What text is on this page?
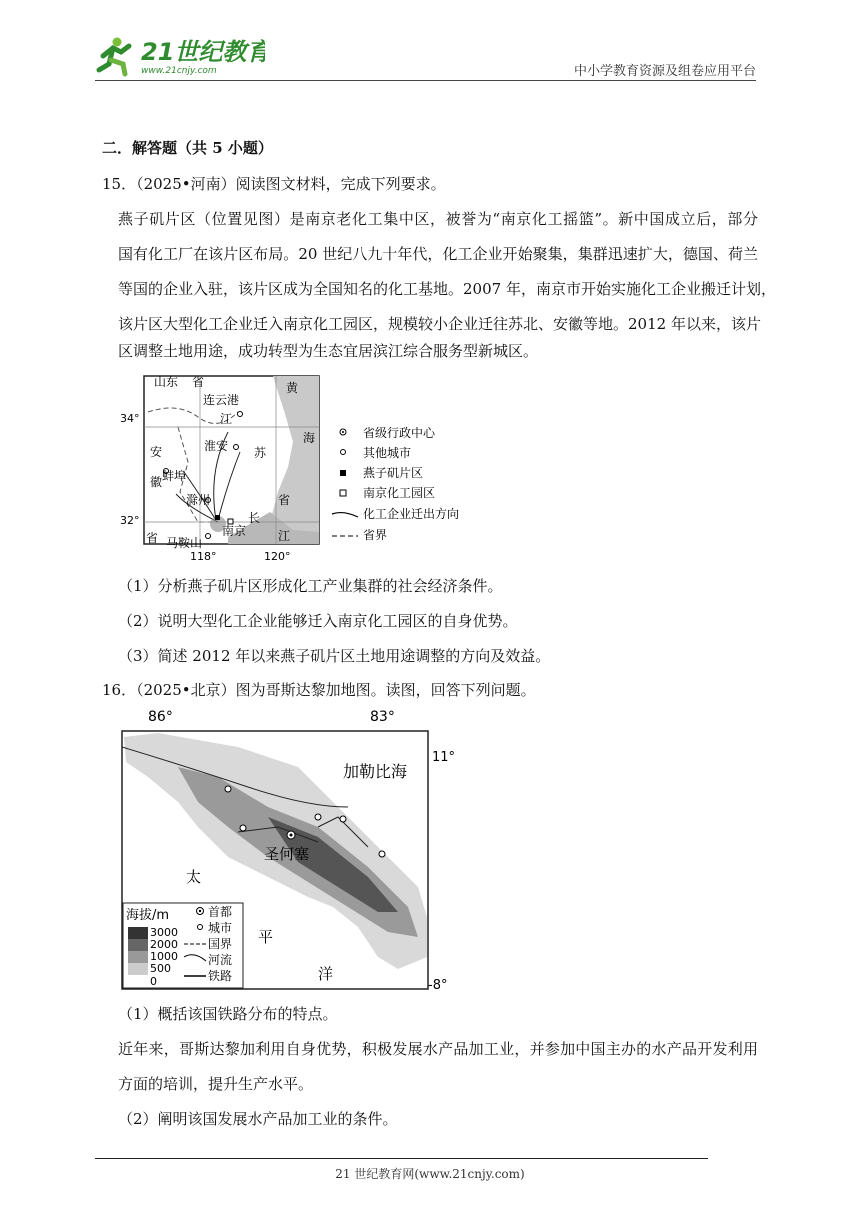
21世纪教育
www.21cnjy.com	中小学教育资源及组卷应用平台
二．解答题（共 5 小题）
15．（2025•河南）阅读图文材料，完成下列要求。
燕子矶片区（位置见图）是南京老化工集中区，被誉为“南京化工摇篮”。新中国成立后，部分
国有化工厂在该片区布局。20 世纪八九十年代，化工企业开始聚集，集群迅速扩大，德国、荷兰
等国的企业入驻，该片区成为全国知名的化工基地。2007 年，南京市开始实施化工企业搬迁计划，
该片区大型化工企业迁入南京化工园区，规模较小企业迁往苏北、安徽等地。2012 年以来，该片
区调整土地用途，成功转型为生态宜居滨江综合服务型新城区。
山东 省	黄
连云港
江
海
安	淮安 苏
蚌埠
徽
滁州	省
长
江
省	南京
马鞍山
34°
32°
118°	120°
省级行政中心
其他城市
燕子矶片区
南京化工园区
化工企业迁出方向
省界
（1）分析燕子矶片区形成化工产业集群的社会经济条件。
（2）说明大型化工企业能够迁入南京化工园区的自身优势。
（3）简述 2012 年以来燕子矶片区土地用途调整的方向及效益。
16．（2025•北京）图为哥斯达黎加地图。读图，回答下列问题。
86°	83°
11°
-8°
加勒比海
圣何塞
太
平
洋
海拔/m
3000
2000
1000
500
0
首都
城市
国界
河流
铁路
（1）概括该国铁路分布的特点。
近年来，哥斯达黎加利用自身优势，积极发展水产品加工业，并参加中国主办的水产品开发利用
方面的培训，提升生产水平。
（2）阐明该国发展水产品加工业的条件。
21 世纪教育网(www.21cnjy.com)
